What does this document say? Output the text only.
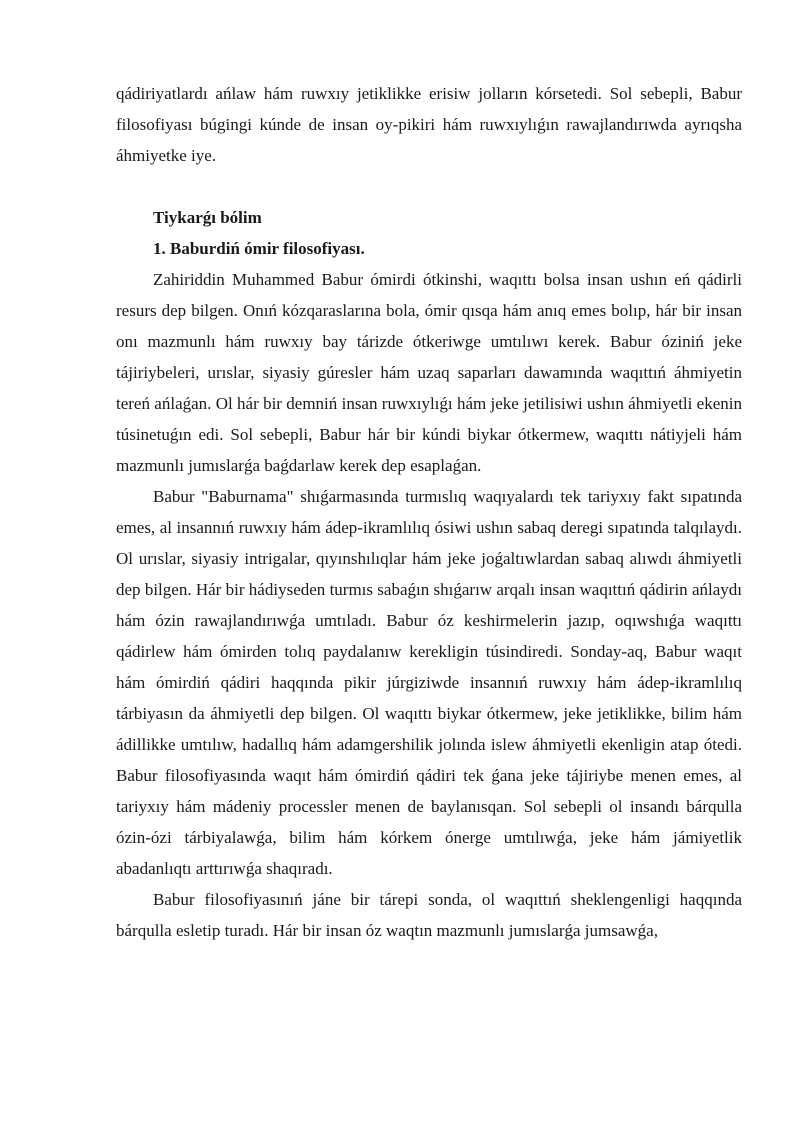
qádiriyatlardı ańlaw hám ruwxıy jetiklikke erisiw jolların kórsetedi. Sol sebepli, Babur filosofiyası búgingi kúnde de insan oy-pikiri hám ruwxıylıǵın rawajlandırıwda ayrıqsha áhmiyetke iye.

Tiykarǵı bólim

1. Baburdiń ómir filosofiyası.

Zahiriddin Muhammed Babur ómirdi ótkinshi, waqıttı bolsa insan ushın eń qádirli resurs dep bilgen. Onıń kózqaraslarına bola, ómir qısqa hám anıq emes bolıp, hár bir insan onı mazmunlı hám ruwxıy bay tárizde ótkeriwge umtılıwı kerek. Babur óziniń jeke tájiriybeleri, urıslar, siyasiy gúresler hám uzaq saparları dawamında waqıttıń áhmiyetin tereń ańlaǵan. Ol hár bir demniń insan ruwxıylıǵı hám jeke jetilisiwi ushın áhmiyetli ekenin túsinetuǵın edi. Sol sebepli, Babur hár bir kúndi biykar ótkermew, waqıttı nátiyjeli hám mazmunlı jumıslarǵa baǵdarlaw kerek dep esaplaǵan.

Babur "Baburnama" shıǵarmasında turmıslıq waqıyalardı tek tariyxıy fakt sıpatında emes, al insannıń ruwxıy hám ádep-ikramlılıq ósiwi ushın sabaq deregi sıpatında talqılaydı. Ol urıslar, siyasiy intrigalar, qıyınshılıqlar hám jeke joǵaltıwlardan sabaq alıwdı áhmiyetli dep bilgen. Hár bir hádiyseden turmıs sabaǵın shıǵarıw arqalı insan waqıttıń qádirin ańlaydı hám ózin rawajlandırıwǵa umtıladı. Babur óz keshirmelerin jazıp, oqıwshıǵa waqıttı qádirlew hám ómirden tolıq paydalanıw kerekligin túsindiredi. Sonday-aq, Babur waqıt hám ómirdiń qádiri haqqında pikir júrgiziwde insannıń ruwxıy hám ádep-ikramlılıq tárbiyasın da áhmiyetli dep bilgen. Ol waqıttı biykar ótkermew, jeke jetiklikke, bilim hám ádillikke umtılıw, hadallıq hám adamgershilik jolında islew áhmiyetli ekenligin atap ótedi. Babur filosofiyasında waqıt hám ómirdiń qádiri tek ǵana jeke tájiriybe menen emes, al tariyxıy hám mádeniy processler menen de baylanısqan. Sol sebepli ol insandı bárqulla ózin-ózi tárbiyalawǵa, bilim hám kórkem ónerge umtılıwǵa, jeke hám jámiyetlik abadanlıqtı arttırıwǵa shaqıradı.

Babur filosofiyasınıń jáne bir tárepi sonda, ol waqıttıń sheklengenligi haqqında bárqulla esletip turadı. Hár bir insan óz waqtın mazmunlı jumıslarǵa jumsawǵa,
